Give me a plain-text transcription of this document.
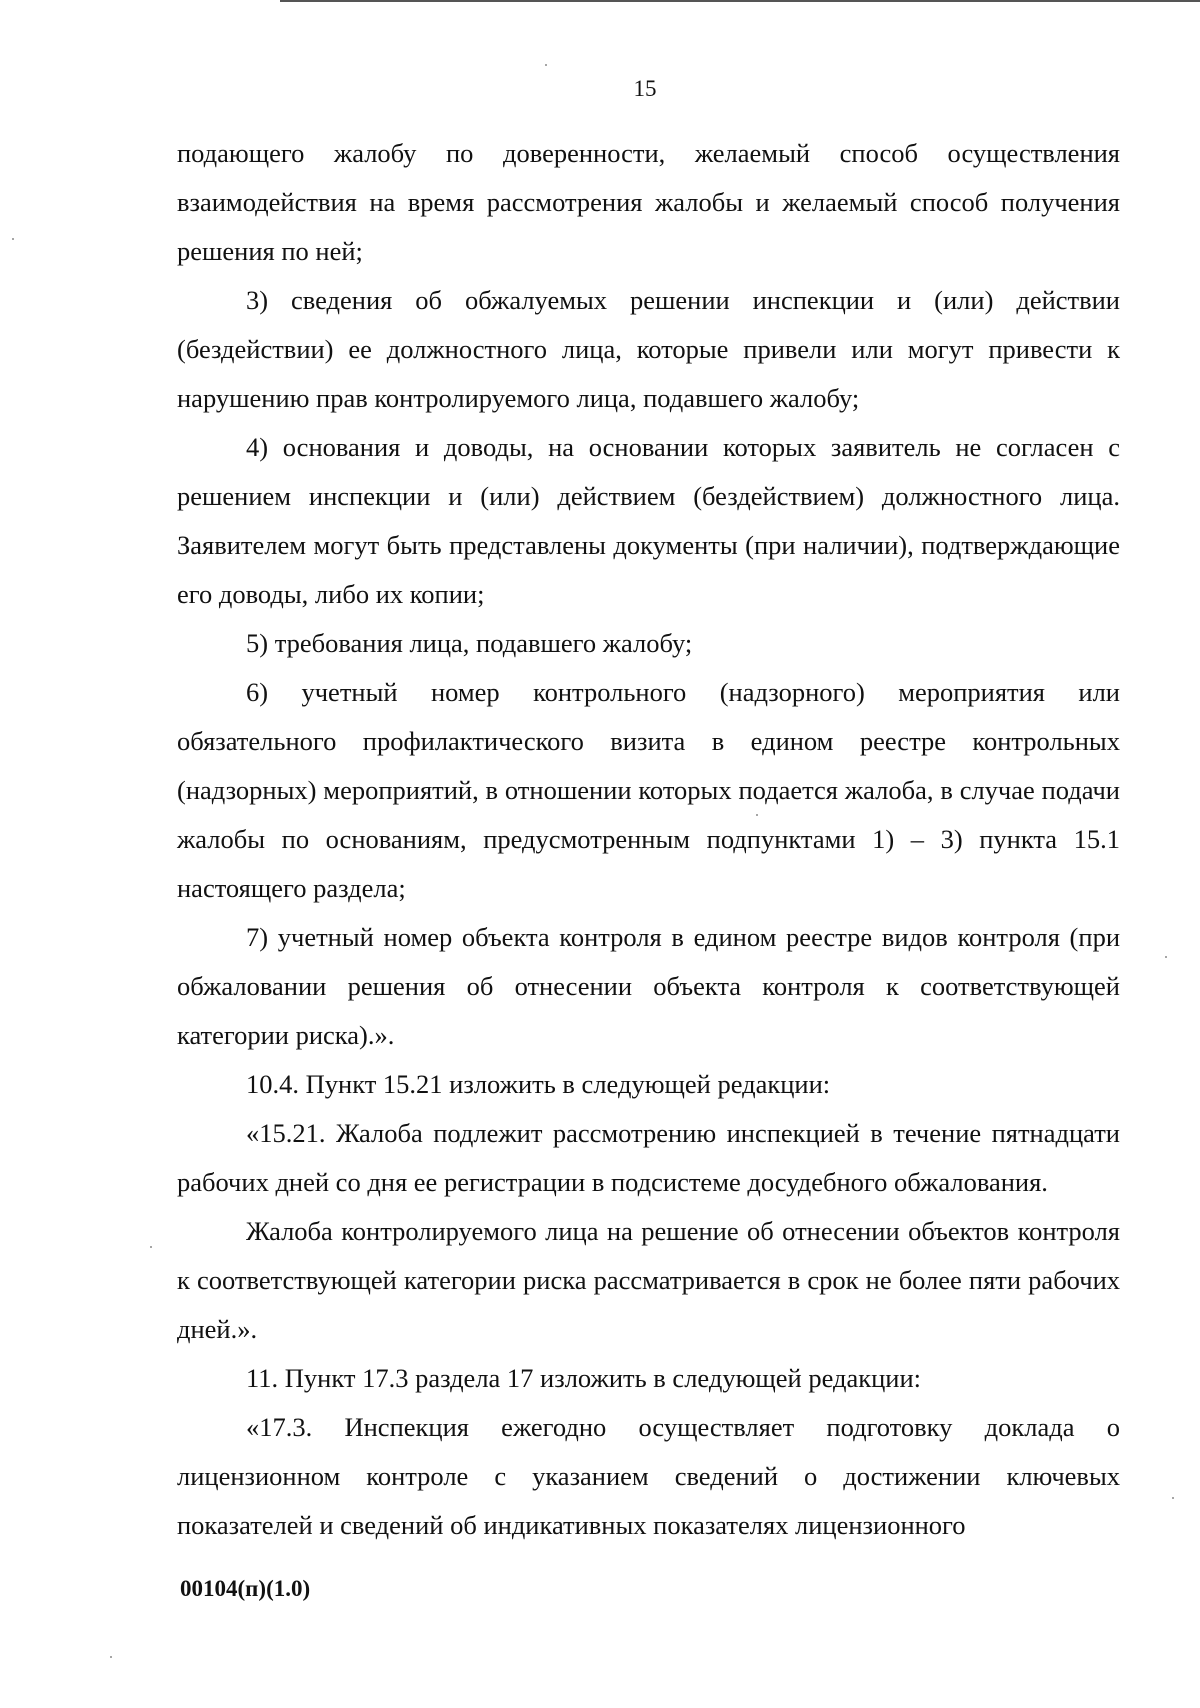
15

подающего жалобу по доверенности, желаемый способ осуществления взаимодействия на время рассмотрения жалобы и желаемый способ получения решения по ней;

3) сведения об обжалуемых решении инспекции и (или) действии (бездействии) ее должностного лица, которые привели или могут привести к нарушению прав контролируемого лица, подавшего жалобу;

4) основания и доводы, на основании которых заявитель не согласен с решением инспекции и (или) действием (бездействием) должностного лица. Заявителем могут быть представлены документы (при наличии), подтверждающие его доводы, либо их копии;

5) требования лица, подавшего жалобу;

6) учетный номер контрольного (надзорного) мероприятия или обязательного профилактического визита в едином реестре контрольных (надзорных) мероприятий, в отношении которых подается жалоба, в случае подачи жалобы по основаниям, предусмотренным подпунктами 1) – 3) пункта 15.1 настоящего раздела;

7) учетный номер объекта контроля в едином реестре видов контроля (при обжаловании решения об отнесении объекта контроля к соответствующей категории риска).».

10.4. Пункт 15.21 изложить в следующей редакции:

«15.21. Жалоба подлежит рассмотрению инспекцией в течение пятнадцати рабочих дней со дня ее регистрации в подсистеме досудебного обжалования.

Жалоба контролируемого лица на решение об отнесении объектов контроля к соответствующей категории риска рассматривается в срок не более пяти рабочих дней.».

11. Пункт 17.3 раздела 17 изложить в следующей редакции:

«17.3. Инспекция ежегодно осуществляет подготовку доклада о лицензионном контроле с указанием сведений о достижении ключевых показателей и сведений об индикативных показателях лицензионного

00104(п)(1.0)
